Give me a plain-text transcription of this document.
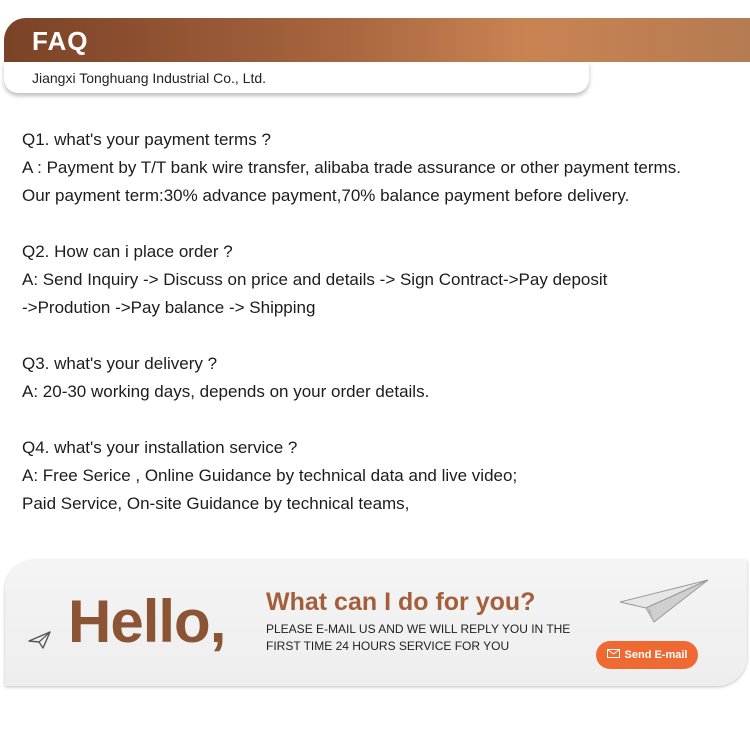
FAQ
Jiangxi Tonghuang Industrial Co., Ltd.
Q1. what's your payment terms ?
A : Payment by T/T bank wire transfer, alibaba trade assurance or other payment terms.
Our payment term:30% advance payment,70% balance payment before delivery.
Q2. How can i place order ?
A: Send Inquiry -> Discuss on price and details -> Sign Contract->Pay deposit
->Prodution ->Pay balance -> Shipping
Q3. what's your delivery ?
A: 20-30 working days, depends on your order details.
Q4. what's your installation service ?
A: Free Serice , Online Guidance by technical data and live video;
Paid Service, On-site Guidance by technical teams,
Hello, What can I do for you?
PLEASE E-MAIL US AND WE WILL REPLY YOU IN THE
FIRST TIME 24 HOURS SERVICE FOR YOU
Send E-mail
